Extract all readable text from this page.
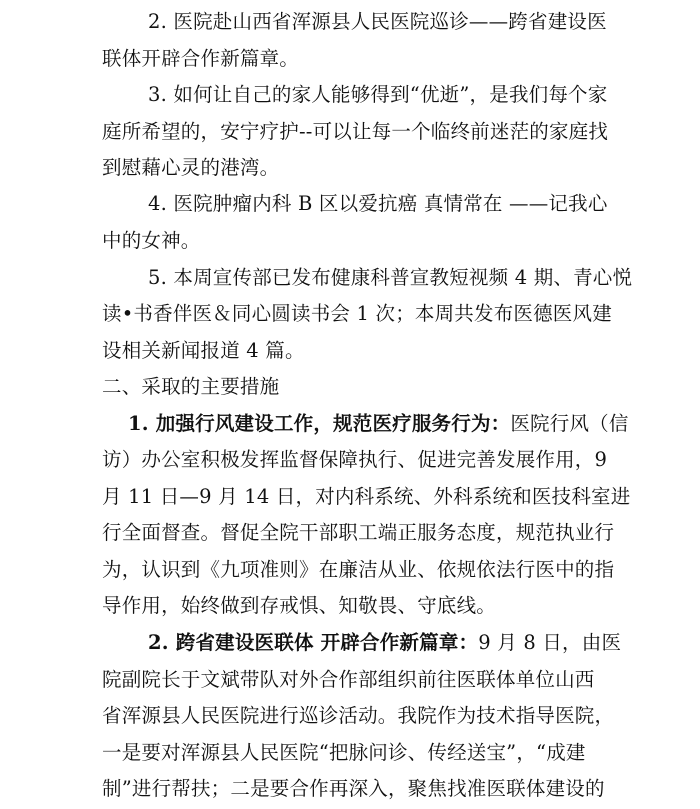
2. 医院赴山西省浑源县人民医院巡诊——跨省建设医
联体开辟合作新篇章。
3. 如何让自己的家人能够得到“优逝”，是我们每个家
庭所希望的，安宁疗护--可以让每一个临终前迷茫的家庭找
到慰藉心灵的港湾。
4. 医院肿瘤内科 B 区以爱抗癌 真情常在 ——记我心
中的女神。
5. 本周宣传部已发布健康科普宣教短视频 4 期、青心悦
读•书香伴医＆同心圆读书会 1 次；本周共发布医德医风建
设相关新闻报道 4 篇。
二、采取的主要措施
1. 加强行风建设工作，规范医疗服务行为：医院行风（信
访）办公室积极发挥监督保障执行、促进完善发展作用，9
月 11 日—9 月 14 日，对内科系统、外科系统和医技科室进
行全面督查。督促全院干部职工端正服务态度，规范执业行
为，认识到《九项准则》在廉洁从业、依规依法行医中的指
导作用，始终做到存戒惧、知敬畏、守底线。
2. 跨省建设医联体 开辟合作新篇章：9 月 8 日，由医
院副院长于文斌带队对外合作部组织前往医联体单位山西
省浑源县人民医院进行巡诊活动。我院作为技术指导医院，
一是要对浑源县人民医院“把脉问诊、传经送宝”，“成建
制”进行帮扶；二是要合作再深入，聚焦找准医联体建设的
